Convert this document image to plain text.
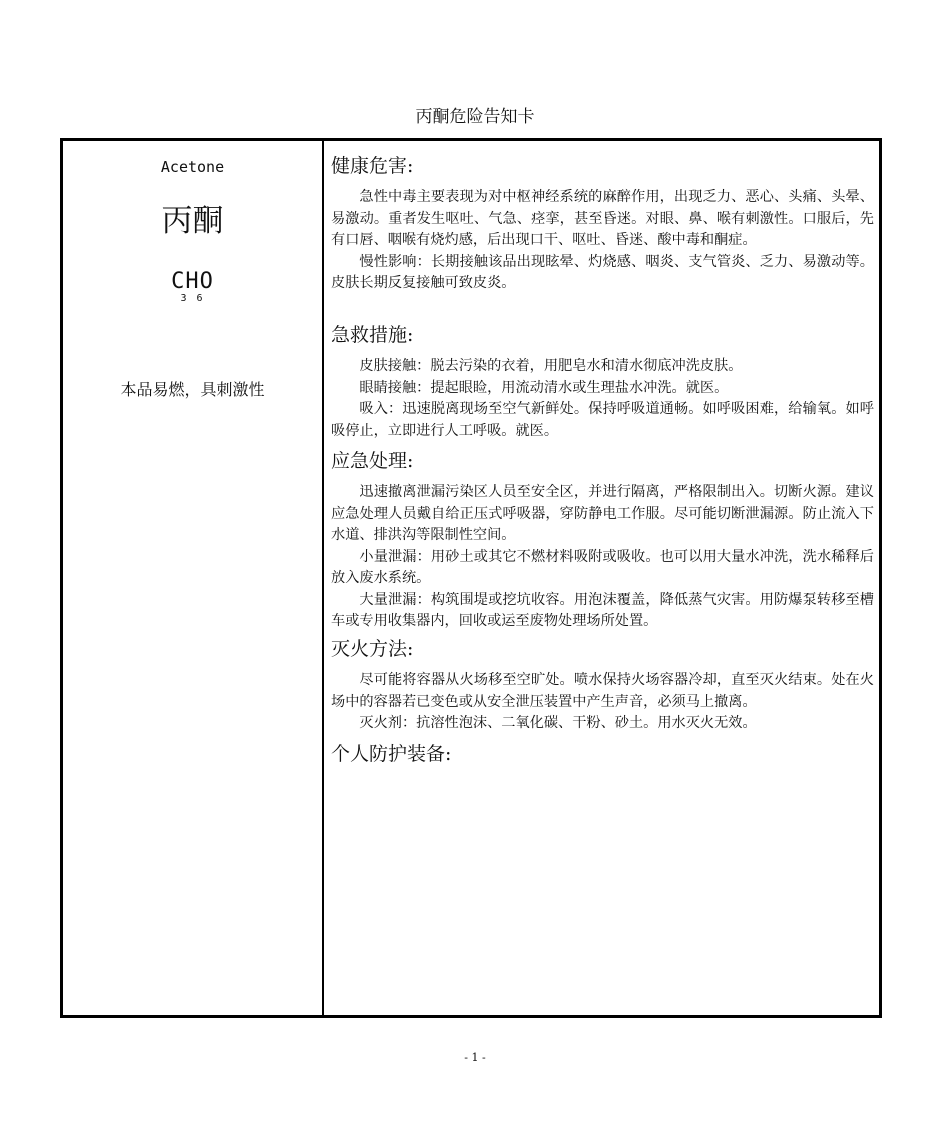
丙酮危险告知卡
Acetone
丙酮
CHO
36
本品易燃，具刺激性
健康危害:

急性中毒主要表现为对中枢神经系统的麻醉作用，出现乏力、恶心、头痛、头晕、易激动。重者发生呕吐、气急、痉挛，甚至昏迷。对眼、鼻、喉有刺激性。口服后，先有口唇、咽喉有烧灼感，后出现口干、呕吐、昏迷、酸中毒和酮症。

慢性影响：长期接触该品出现眩晕、灼烧感、咽炎、支气管炎、乏力、易激动等。皮肤长期反复接触可致皮炎。

急救措施:

皮肤接触：脱去污染的衣着，用肥皂水和清水彻底冲洗皮肤。

眼睛接触：提起眼睑，用流动清水或生理盐水冲洗。就医。

吸入：迅速脱离现场至空气新鲜处。保持呼吸道通畅。如呼吸困难，给输氧。如呼吸停止，立即进行人工呼吸。就医。

应急处理:

迅速撤离泄漏污染区人员至安全区，并进行隔离，严格限制出入。切断火源。建议应急处理人员戴自给正压式呼吸器，穿防静电工作服。尽可能切断泄漏源。防止流入下水道、排洪沟等限制性空间。

小量泄漏：用砂土或其它不燃材料吸附或吸收。也可以用大量水冲洗，洗水稀释后放入废水系统。

大量泄漏：构筑围堤或挖坑收容。用泡沫覆盖，降低蒸气灾害。用防爆泵转移至槽车或专用收集器内，回收或运至废物处理场所处置。

灭火方法:

尽可能将容器从火场移至空旷处。喷水保持火场容器冷却，直至灭火结束。处在火场中的容器若已变色或从安全泄压装置中产生声音，必须马上撤离。

灭火剂：抗溶性泡沫、二氧化碳、干粉、砂土。用水灭火无效。

个人防护装备:
- 1 -
